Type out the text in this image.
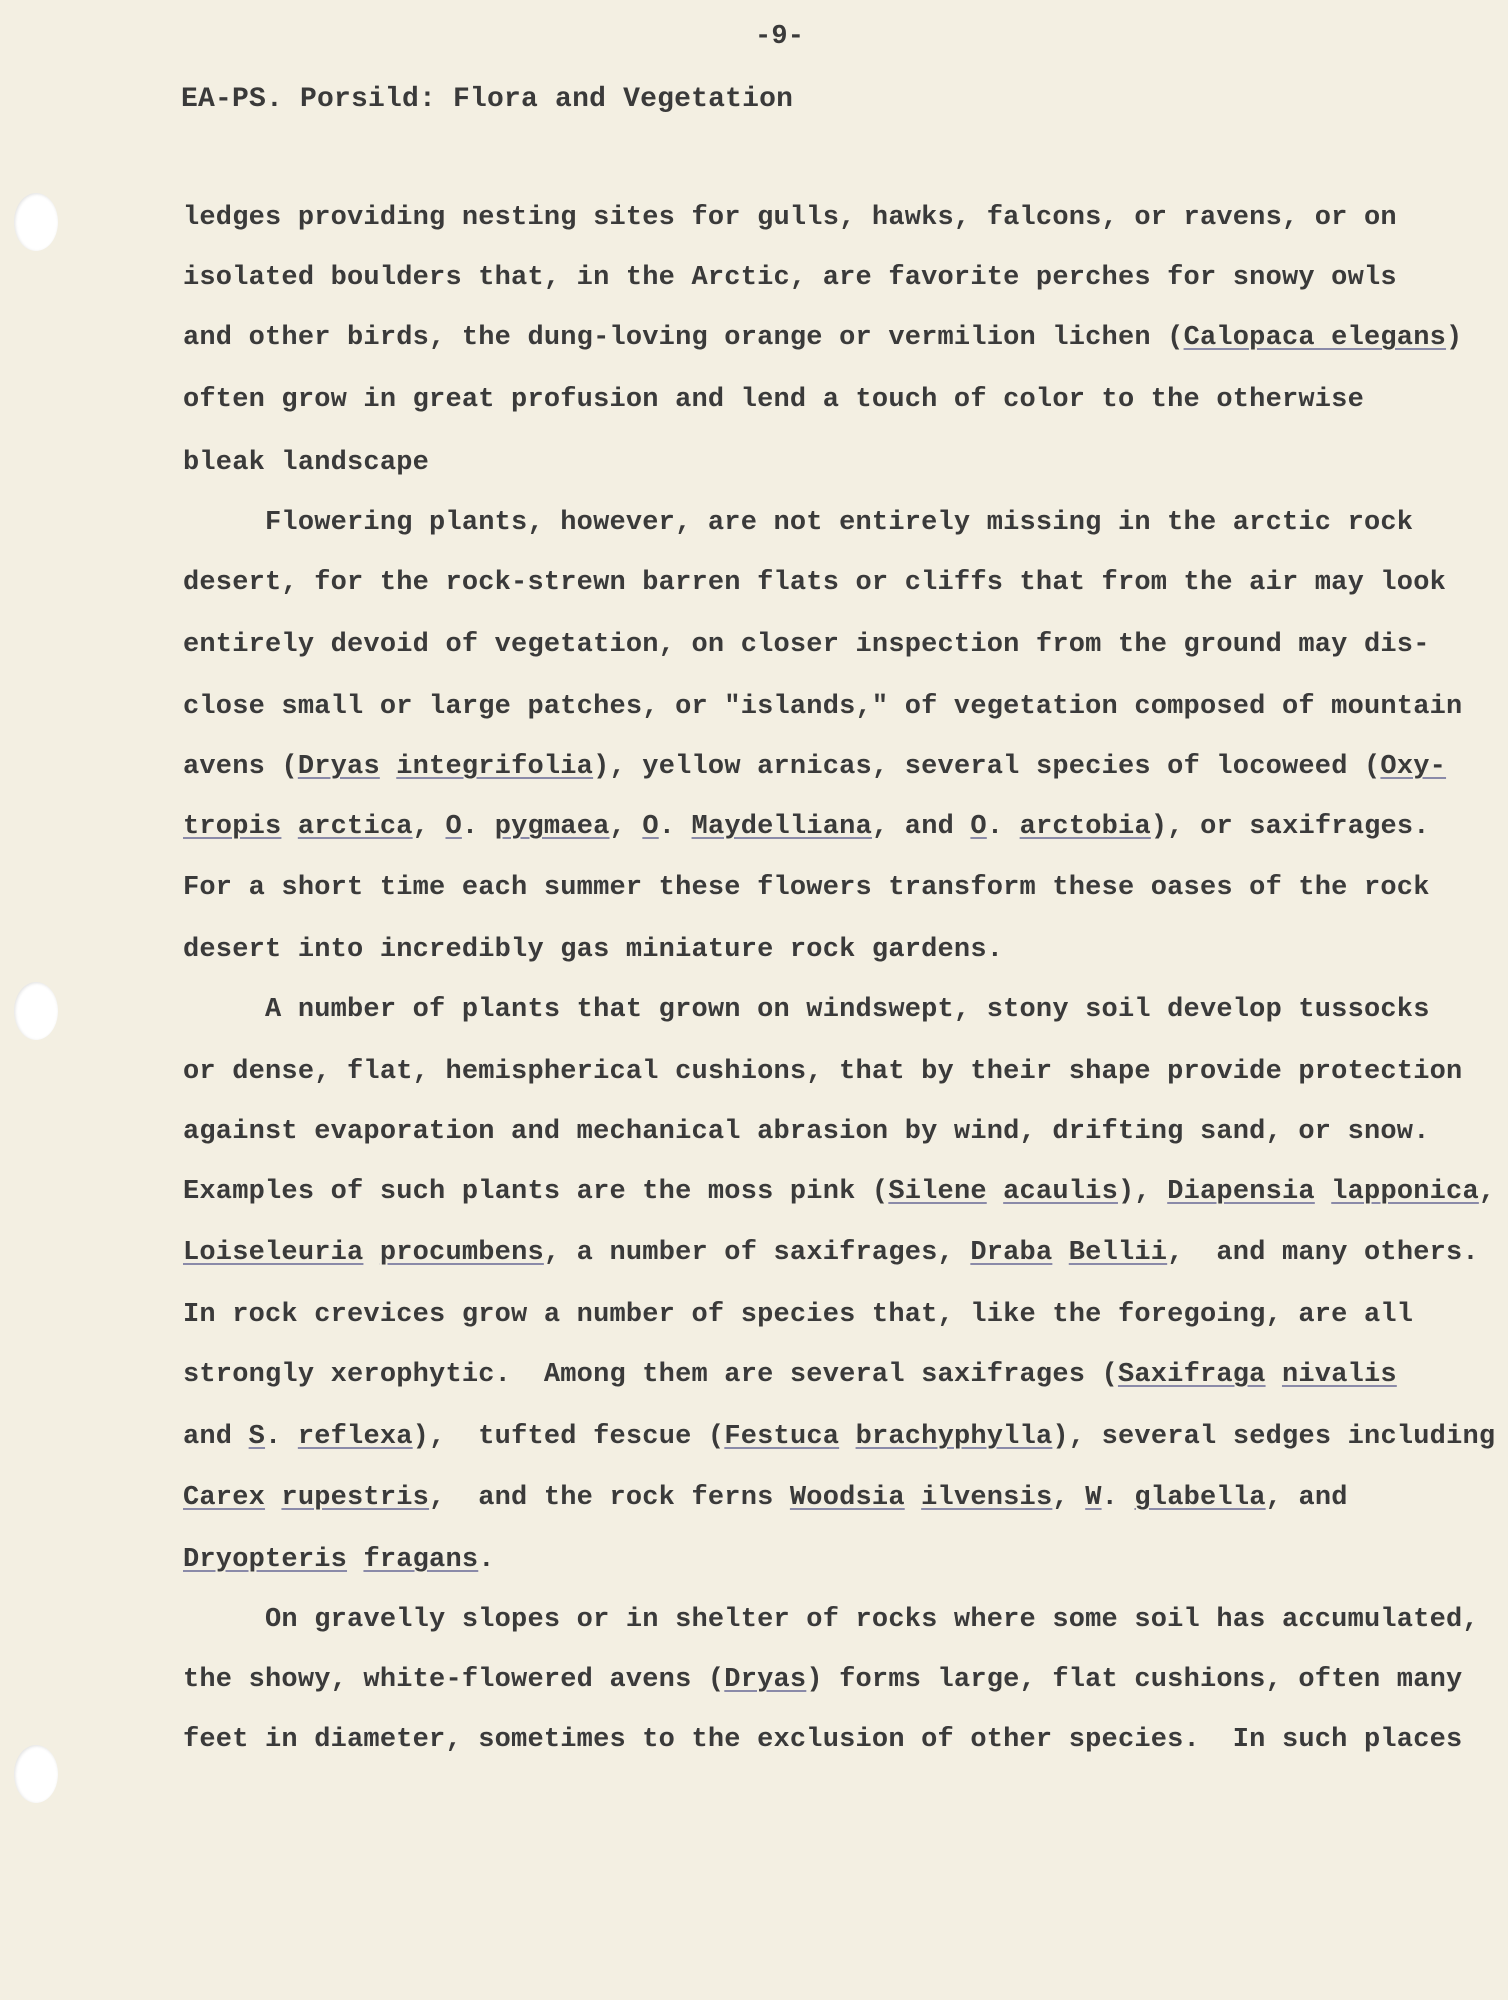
-9-

EA-PS. Porsild: Flora and Vegetation

ledges providing nesting sites for gulls, hawks, falcons, or ravens, or on

isolated boulders that, in the Arctic, are favorite perches for snowy owls

and other birds, the dung-loving orange or vermilion lichen (Calopaca elegans)

often grow in great profusion and lend a touch of color to the otherwise

bleak landscape

Flowering plants, however, are not entirely missing in the arctic rock

desert, for the rock-strewn barren flats or cliffs that from the air may look

entirely devoid of vegetation, on closer inspection from the ground may dis-

close small or large patches, or "islands," of vegetation composed of mountain

avens (Dryas integrifolia), yellow arnicas, several species of locoweed (Oxy-

tropis arctica, O. pygmaea, O. Maydelliana, and O. arctobia), or saxifrages.

For a short time each summer these flowers transform these oases of the rock

desert into incredibly gas miniature rock gardens.

A number of plants that grown on windswept, stony soil develop tussocks

or dense, flat, hemispherical cushions, that by their shape provide protection

against evaporation and mechanical abrasion by wind, drifting sand, or snow.

Examples of such plants are the moss pink (Silene acaulis), Diapensia lapponica,

Loiseleuria procumbens, a number of saxifrages, Draba Bellii,  and many others.

In rock crevices grow a number of species that, like the foregoing, are all

strongly xerophytic.  Among them are several saxifrages (Saxifraga nivalis

and S. reflexa),  tufted fescue (Festuca brachyphylla), several sedges including

Carex rupestris,  and the rock ferns Woodsia ilvensis, W. glabella, and

Dryopteris fragans.

On gravelly slopes or in shelter of rocks where some soil has accumulated,

the showy, white-flowered avens (Dryas) forms large, flat cushions, often many

feet in diameter, sometimes to the exclusion of other species.  In such places
